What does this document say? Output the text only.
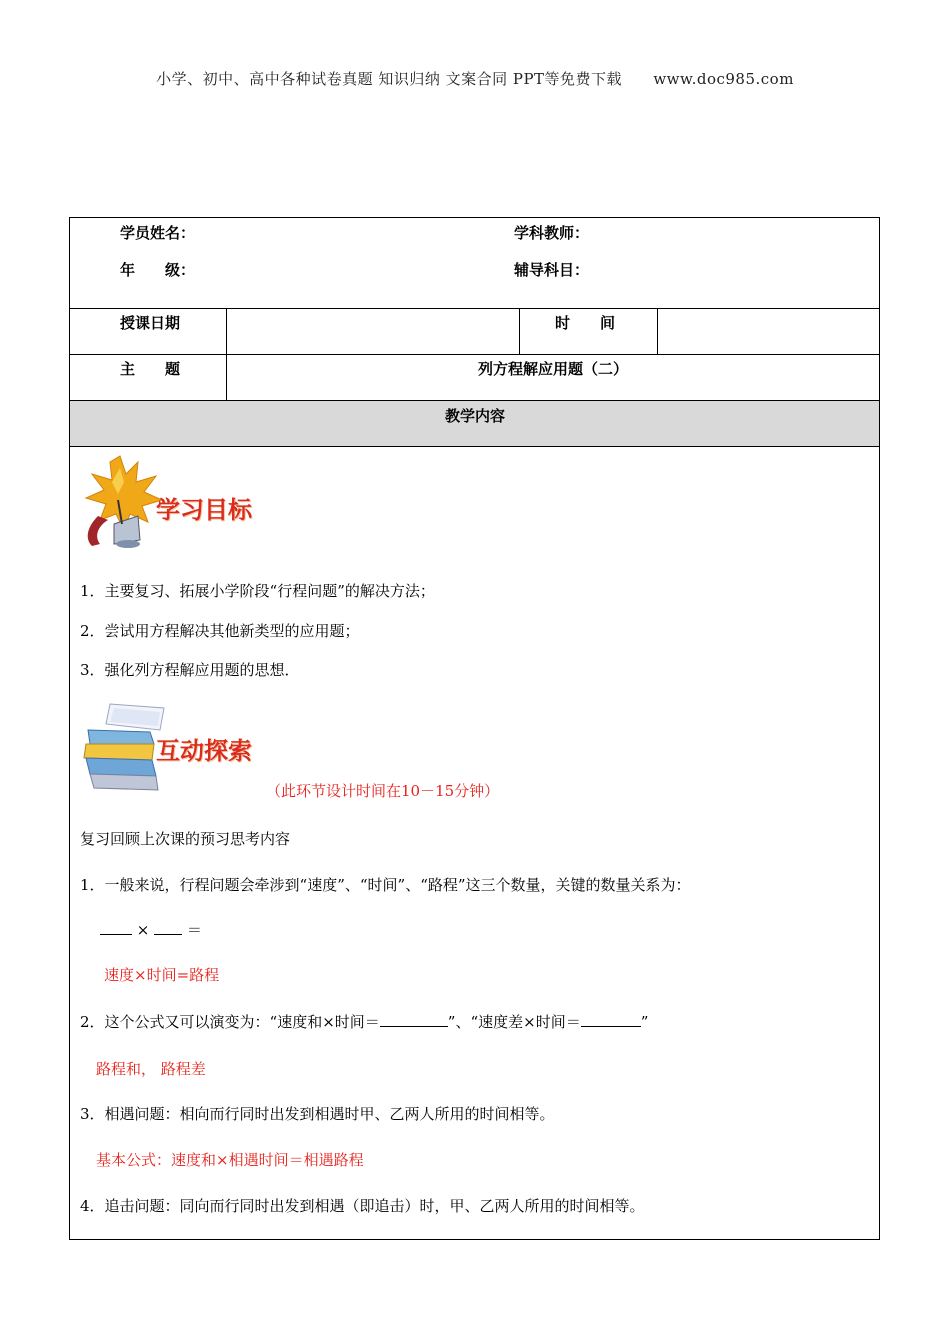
小学、初中、高中各种试卷真题 知识归纳 文案合同 PPT等免费下载 www.doc985.com
学员姓名：	学科教师：
年　　级：	辅导科目：
授课日期	时　　间
主　　题	列方程解应用题（二）
教学内容
学习目标
1．主要复习、拓展小学阶段“行程问题”的解决方法；
2．尝试用方程解决其他新类型的应用题；
3．强化列方程解应用题的思想．
互动探索
（此环节设计时间在10－15分钟）
复习回顾上次课的预习思考内容
1．一般来说，行程问题会牵涉到“速度”、“时间”、“路程”这三个数量，关键的数量关系为：
×	＝
速度×时间=路程
2．这个公式又可以演变为：“速度和×时间＝	”、“速度差×时间＝	”
路程和， 路程差
3．相遇问题：相向而行同时出发到相遇时甲、乙两人所用的时间相等。
基本公式：速度和×相遇时间＝相遇路程
4．追击问题：同向而行同时出发到相遇（即追击）时，甲、乙两人所用的时间相等。
